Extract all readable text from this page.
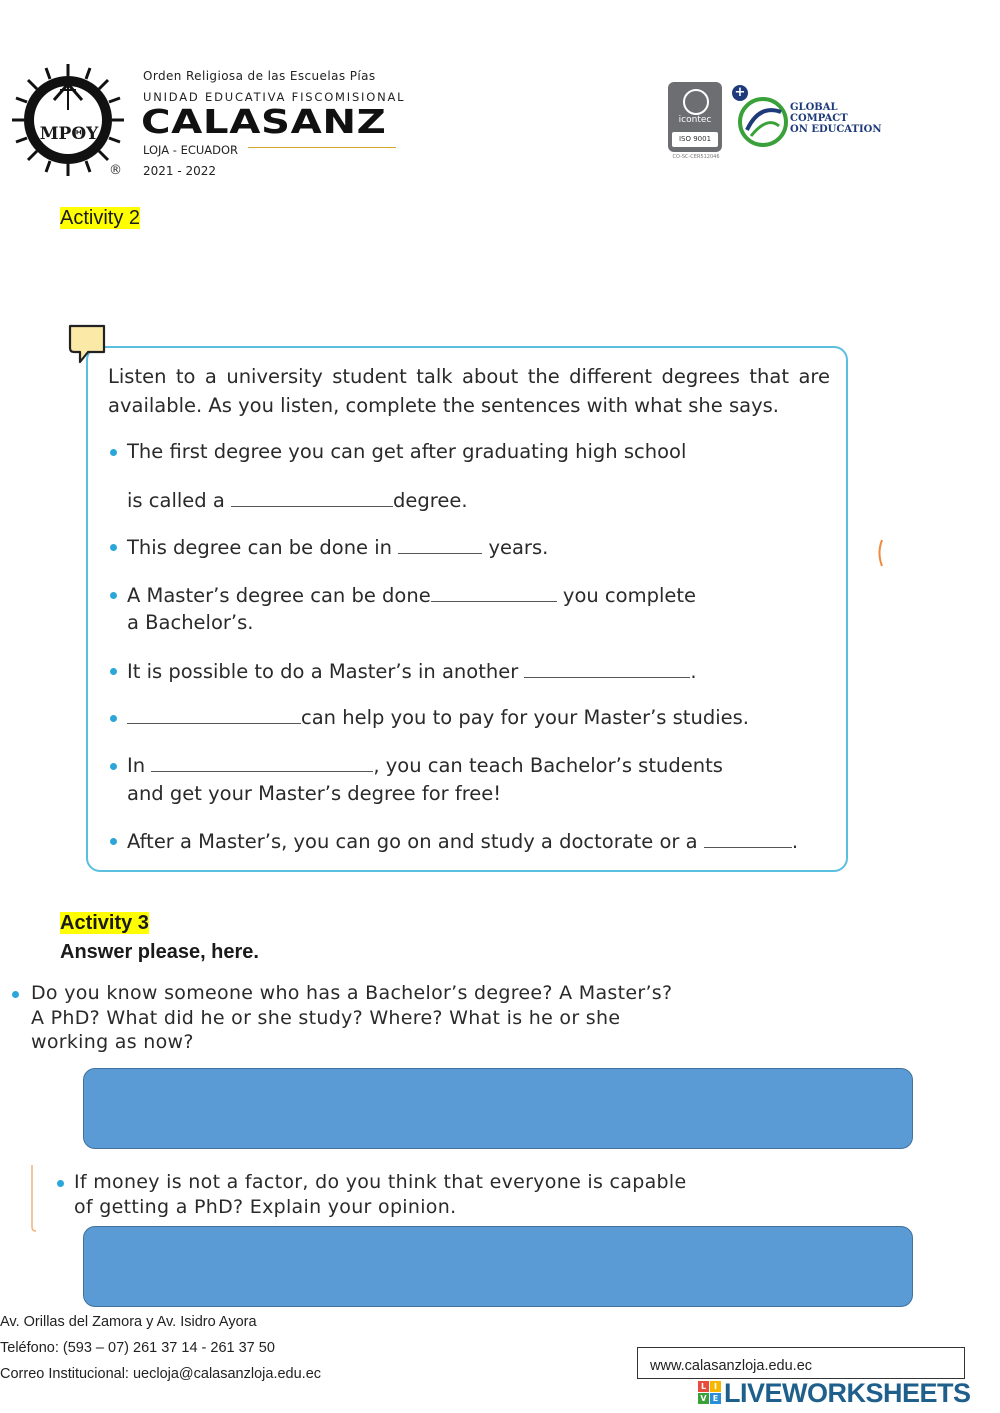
MPΘY
®
Orden Religiosa de las Escuelas Pías
UNIDAD EDUCATIVA FISCOMISIONAL
CALASANZ
LOJA - ECUADOR
2021 - 2022
icontec
ISO 9001
CO-SC-CER512046
+
GLOBAL
COMPACT
ON EDUCATION
Activity 2
Listen to a university student talk about the different degrees that are available. As you listen, complete the sentences with what she says.
The first degree you can get after graduating high school
is called a	degree.
This degree can be done in	years.
A Master’s degree can be done	you complete
a Bachelor’s.
It is possible to do a Master’s in another	.
can help you to pay for your Master’s studies.
In	, you can teach Bachelor’s students
and get your Master’s degree for free!
After a Master’s, you can go on and study a doctorate or a	.
Activity 3
Answer please, here.
Do you know someone who has a Bachelor’s degree? A Master’s?
A PhD? What did he or she study? Where? What is he or she
working as now?
If money is not a factor, do you think that everyone is capable
of getting a PhD? Explain your opinion.
Av. Orillas del Zamora y Av. Isidro Ayora
Teléfono: (593 – 07) 261 37 14 - 261 37 50
Correo Institucional: uecloja@calasanzloja.edu.ec	www.calasanzloja.edu.ec
L I
V E LIVEWORKSHEETS
